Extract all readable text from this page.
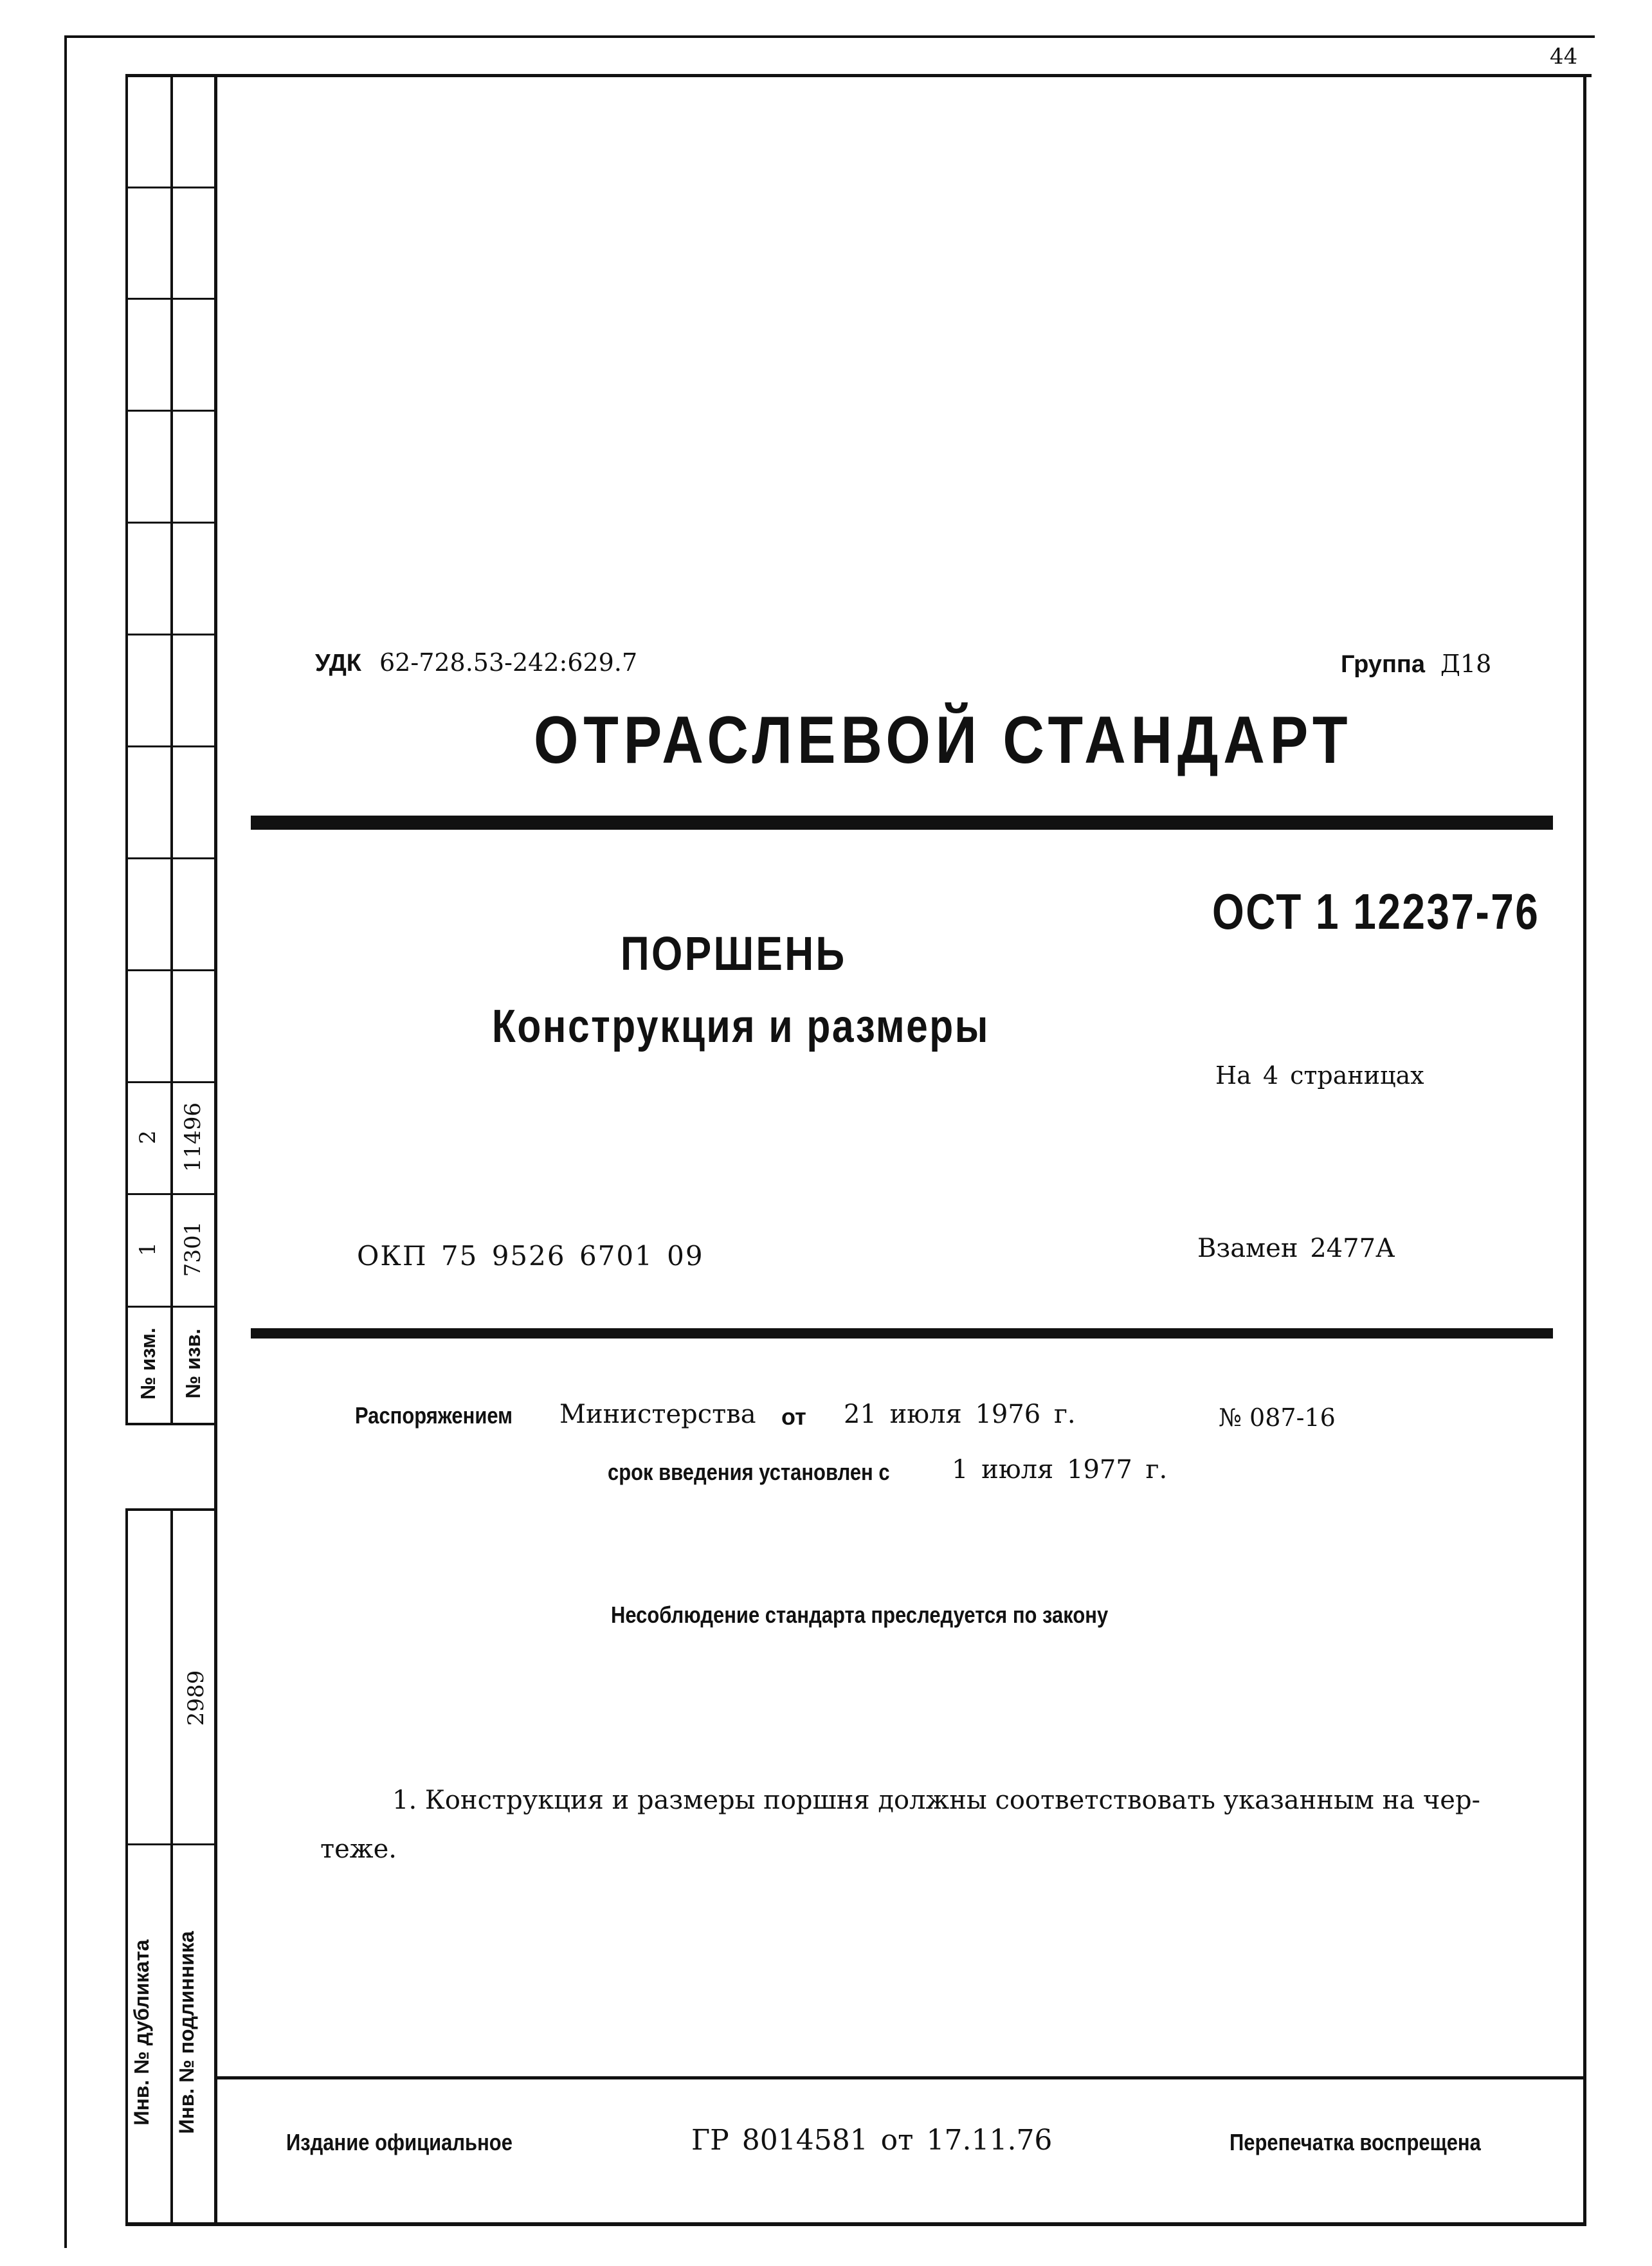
44
№ изм. № изв.
1 7301
2 11496
2989
Инв. № дубликата Инв. № подлинника
УДК 62-728.53-242:629.7	Группа Д18
ОТРАСЛЕВОЙ СТАНДАРТ
ОСТ 1 12237-76
ПОРШЕНЬ
Конструкция и размеры
На 4 страницах
ОКП 75 9526 6701 09	Взамен 2477А
Распоряжением Министерства от 21 июля 1976 г.	№ 087-16
срок введения установлен с 1 июля 1977 г.
Несоблюдение стандарта преследуется по закону
1. Конструкция и размеры поршня должны соответствовать указанным на чер-
теже.
Издание официальное	ГР 8014581 от 17.11.76	Перепечатка воспрещена
